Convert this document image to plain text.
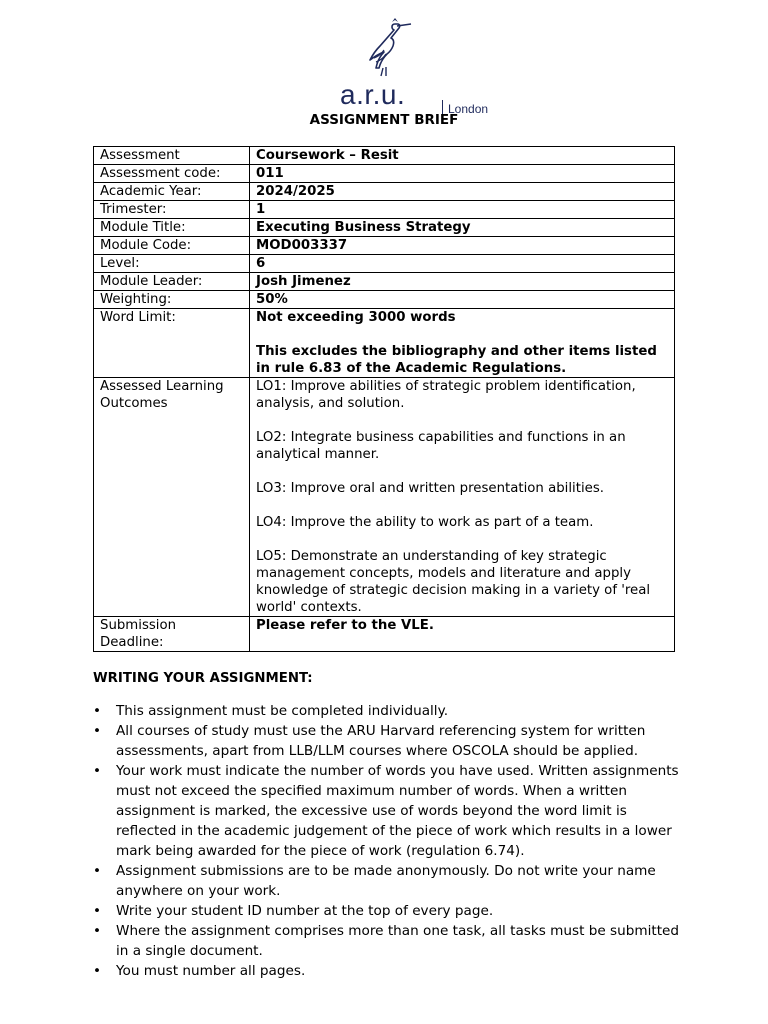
a.r.u.	London
ASSIGNMENT BRIEF
Assessment	Coursework – Resit
Assessment code:	011
Academic Year:	2024/2025
Trimester:	1
Module Title:	Executing Business Strategy
Module Code:	MOD003337
Level:	6
Module Leader:	Josh Jimenez
Weighting:	50%
Word Limit:	Not exceeding 3000 words
This excludes the bibliography and other items listed in rule 6.83 of the Academic Regulations.

Assessed Learning Outcomes	LO1: Improve abilities of strategic problem identification, analysis, and solution.
LO2: Integrate business capabilities and functions in an analytical manner.
LO3: Improve oral and written presentation abilities.
LO4: Improve the ability to work as part of a team.
LO5: Demonstrate an understanding of key strategic management concepts, models and literature and apply knowledge of strategic decision making in a variety of 'real world' contexts.

Submission Deadline:	Please refer to the VLE.
WRITING YOUR ASSIGNMENT:
• This assignment must be completed individually.
• All courses of study must use the ARU Harvard referencing system for written assessments, apart from LLB/LLM courses where OSCOLA should be applied.
• Your work must indicate the number of words you have used. Written assignments must not exceed the specified maximum number of words. When a written assignment is marked, the excessive use of words beyond the word limit is reflected in the academic judgement of the piece of work which results in a lower mark being awarded for the piece of work (regulation 6.74).
• Assignment submissions are to be made anonymously. Do not write your name anywhere on your work.
• Write your student ID number at the top of every page.
• Where the assignment comprises more than one task, all tasks must be submitted in a single document.
• You must number all pages.
